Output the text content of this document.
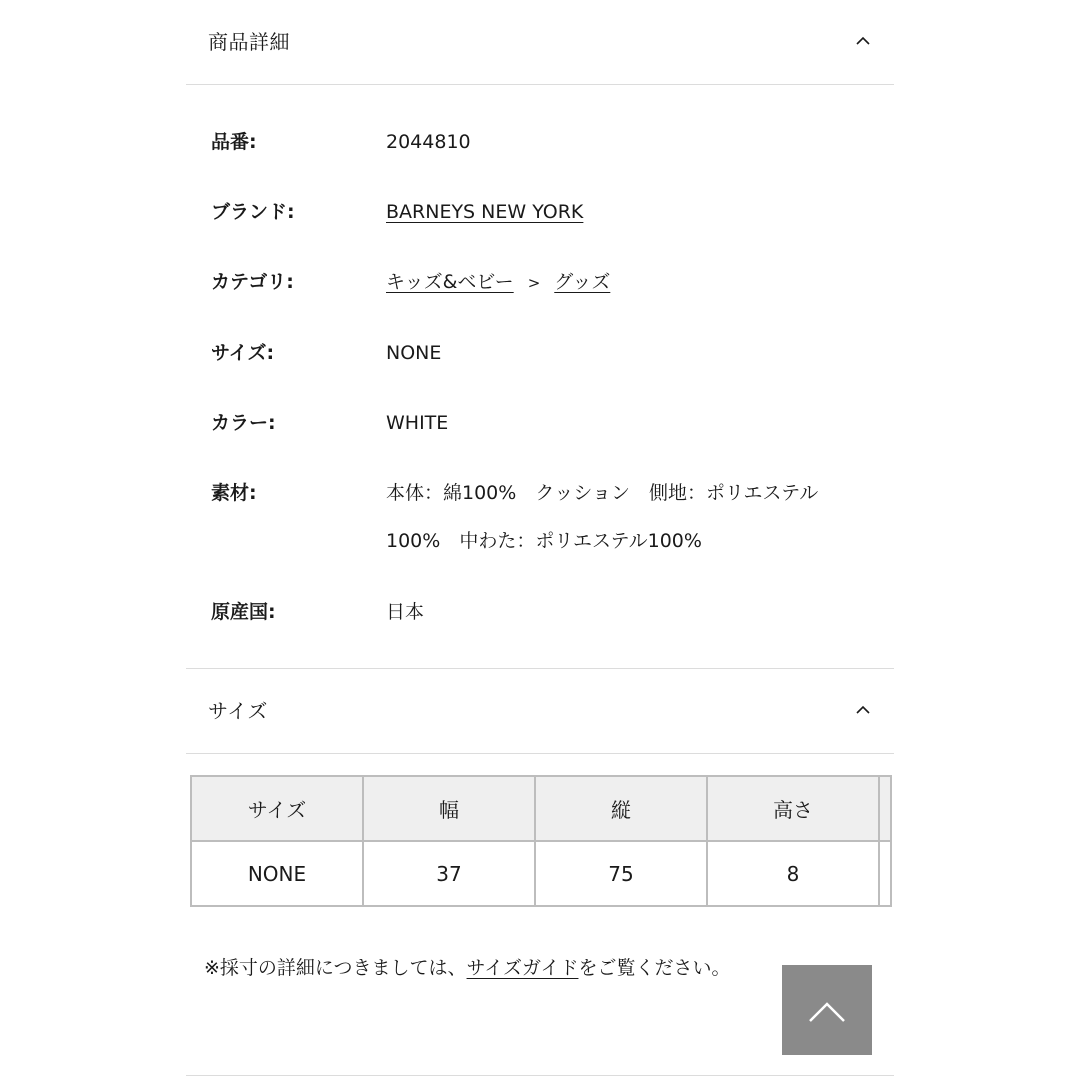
商品詳細
品番:	2044810
ブランド:	BARNEYS NEW YORK
カテゴリ:	キッズ&ベビー > グッズ
サイズ:	NONE
カラー:	WHITE
素材:	本体：綿100%　クッション　側地：ポリエステル100%　中わた：ポリエステル100%
原産国:	日本
サイズ
サイズ	幅	縦	高さ	
NONE	37	75	8	
※採寸の詳細につきましては、サイズガイドをご覧ください。
